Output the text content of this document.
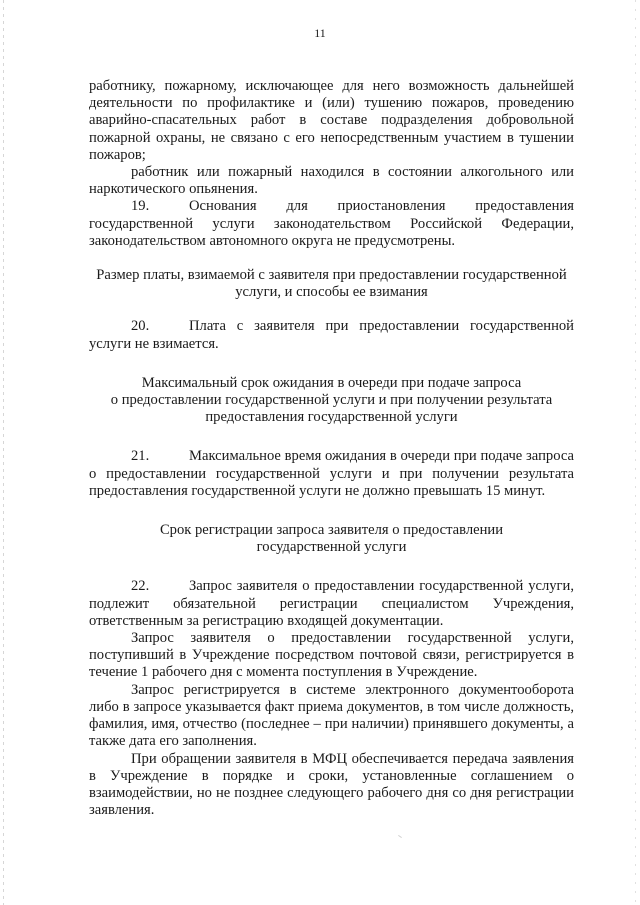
11

работнику, пожарному, исключающее для него возможность дальнейшей деятельности по профилактике и (или) тушению пожаров, проведению аварийно-спасательных работ в составе подразделения добровольной пожарной охраны, не связано с его непосредственным участием в тушении пожаров;

работник или пожарный находился в состоянии алкогольного или наркотического опьянения.

19.	Основания для приостановления предоставления государственной услуги законодательством Российской Федерации, законодательством автономного округа не предусмотрены.

Размер платы, взимаемой с заявителя при предоставлении государственной услуги, и способы ее взимания

20.	Плата с заявителя при предоставлении государственной услуги не взимается.

Максимальный срок ожидания в очереди при подаче запроса
о предоставлении государственной услуги и при получении результата
предоставления государственной услуги

21.	Максимальное время ожидания в очереди при подаче запроса о предоставлении государственной услуги и при получении результата предоставления государственной услуги не должно превышать 15 минут.

Срок регистрации запроса заявителя о предоставлении
государственной услуги

22.	Запрос заявителя о предоставлении государственной услуги, подлежит обязательной регистрации специалистом Учреждения, ответственным за регистрацию входящей документации.

Запрос заявителя о предоставлении государственной услуги, поступивший в Учреждение посредством почтовой связи, регистрируется в течение 1 рабочего дня с момента поступления в Учреждение.

Запрос регистрируется в системе электронного документооборота либо в запросе указывается факт приема документов, в том числе должность, фамилия, имя, отчество (последнее – при наличии) принявшего документы, а также дата его заполнения.

При обращении заявителя в МФЦ обеспечивается передача заявления в Учреждение в порядке и сроки, установленные соглашением о взаимодействии, но не позднее следующего рабочего дня со дня регистрации заявления.
